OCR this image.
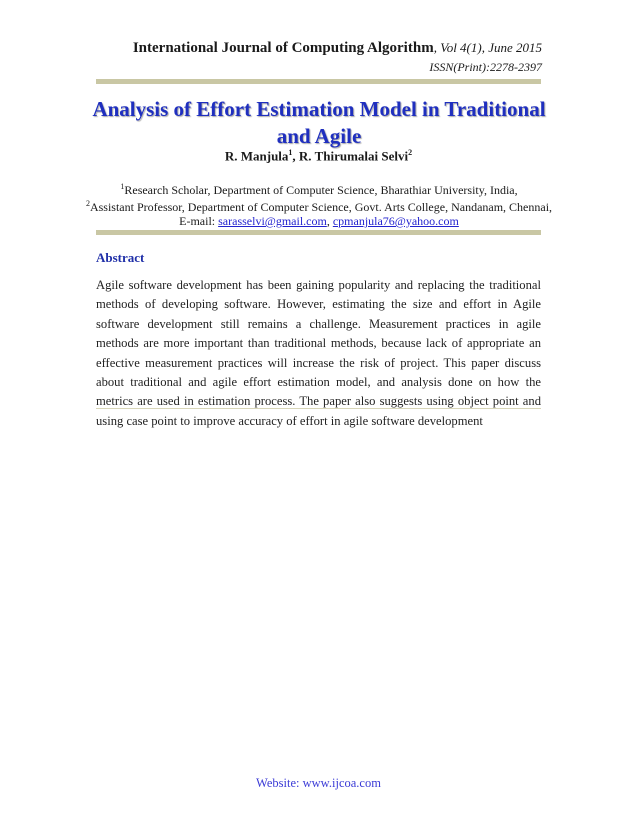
International Journal of Computing Algorithm, Vol 4(1), June 2015
ISSN(Print):2278-2397
Analysis of Effort Estimation Model in Traditional
and Agile
R. Manjula$^1$, R. Thirumalai Selvi$^2$
$^1$Research Scholar, Department of Computer Science, Bharathiar University, India,
$^2$Assistant Professor, Department of Computer Science, Govt. Arts College, Nandanam, Chennai,
E-mail: sarasselvi@gmail.com, cpmanjula76@yahoo.com
Abstract
Agile software development has been gaining popularity and replacing the traditional methods of developing software. However, estimating the size and effort in Agile software development still remains a challenge. Measurement practices in agile methods are more important than traditional methods, because lack of appropriate an effective measurement practices will increase the risk of project. This paper discuss about traditional and agile effort estimation model, and analysis done on how the metrics are used in estimation process. The paper also suggests using object point and using case point to improve accuracy of effort in agile software development
Website: www.ijcoa.com
